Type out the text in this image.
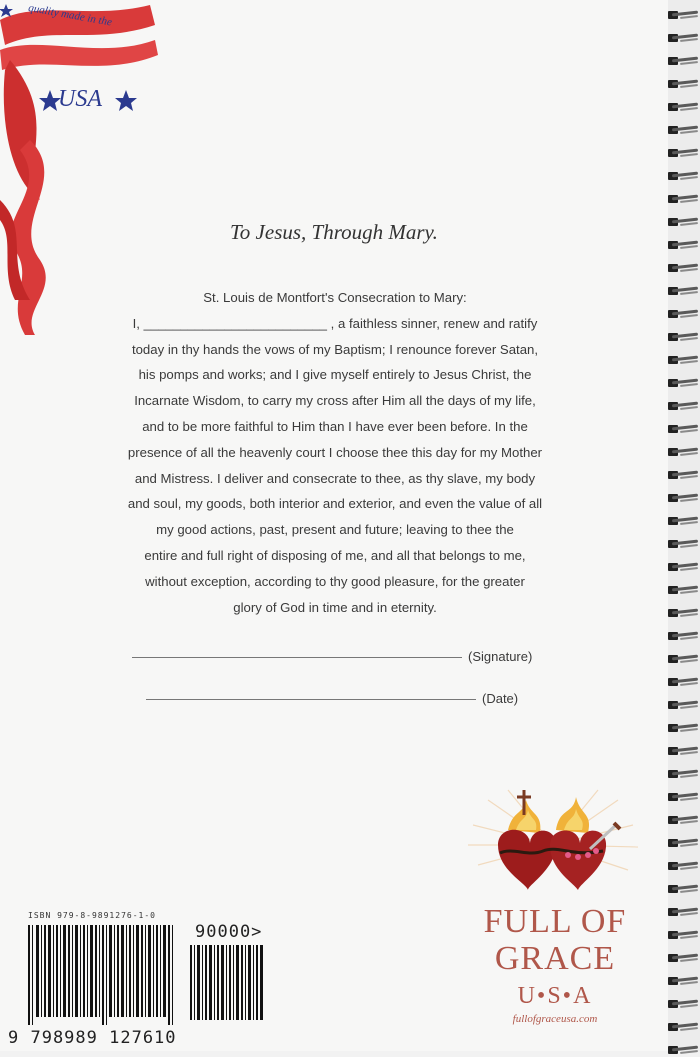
quality made in the
USA
To Jesus, Through Mary.

St. Louis de Montfort's Consecration to Mary:

I, _________________________ , a faithless sinner, renew and ratify

today in thy hands the vows of my Baptism; I renounce forever Satan,

his pomps and works; and I give myself entirely to Jesus Christ, the

Incarnate Wisdom, to carry my cross after Him all the days of my life,

and to be more faithful to Him than I have ever been before. In the

presence of all the heavenly court I choose thee this day for my Mother

and Mistress. I deliver and consecrate to thee, as thy slave, my body

and soul, my goods, both interior and exterior, and even the value of all

my good actions, past, present and future; leaving to thee the

entire and full right of disposing of me, and all that belongs to me,

without exception, according to thy good pleasure, for the greater

glory of God in time and in eternity.

(Signature)
(Date)
ISBN 979-8-9891276-1-0
90000>
9 798989 127610
FULL OF
GRACE
U•S•A
fullofgraceusa.com
